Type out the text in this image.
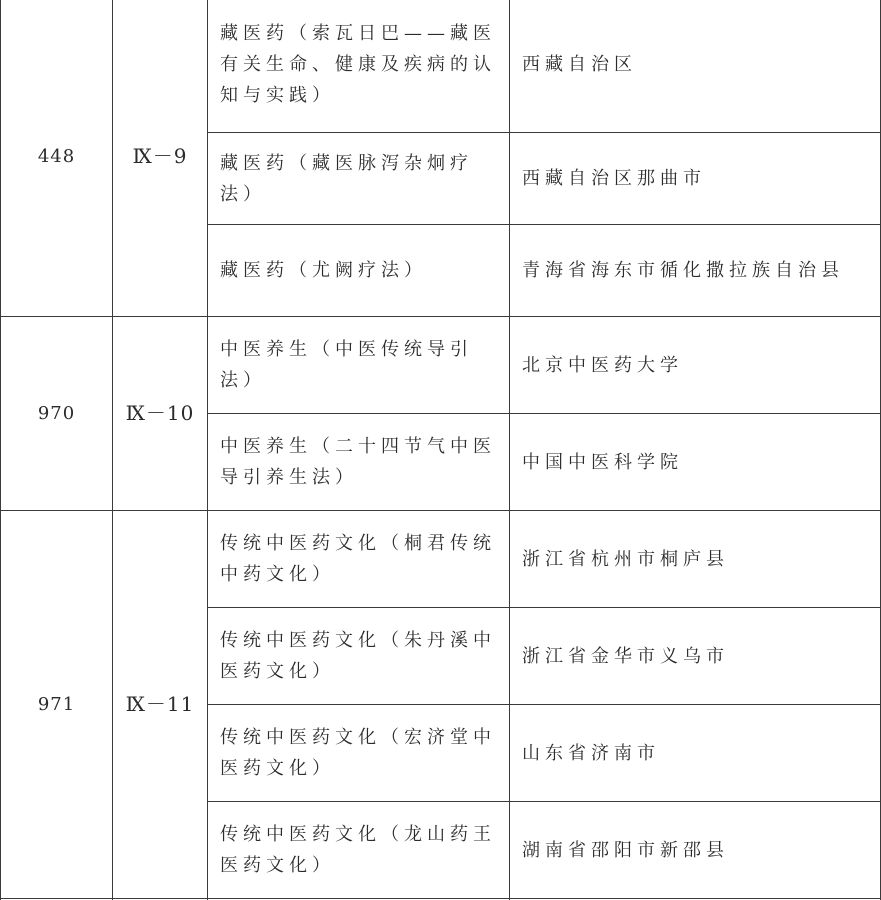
448	Ⅸ－9	藏医药（索瓦日巴——藏医有关生命、健康及疾病的认知与实践）	西藏自治区
		藏医药（藏医脉泻杂炯疗法）	西藏自治区那曲市
		藏医药（尤阙疗法）	青海省海东市循化撒拉族自治县
970	Ⅸ－10	中医养生（中医传统导引法）	北京中医药大学
		中医养生（二十四节气中医导引养生法）	中国中医科学院
971	Ⅸ－11	传统中医药文化（桐君传统中药文化）	浙江省杭州市桐庐县
		传统中医药文化（朱丹溪中医药文化）	浙江省金华市义乌市
		传统中医药文化（宏济堂中医药文化）	山东省济南市
		传统中医药文化（龙山药王医药文化）	湖南省邵阳市新邵县
